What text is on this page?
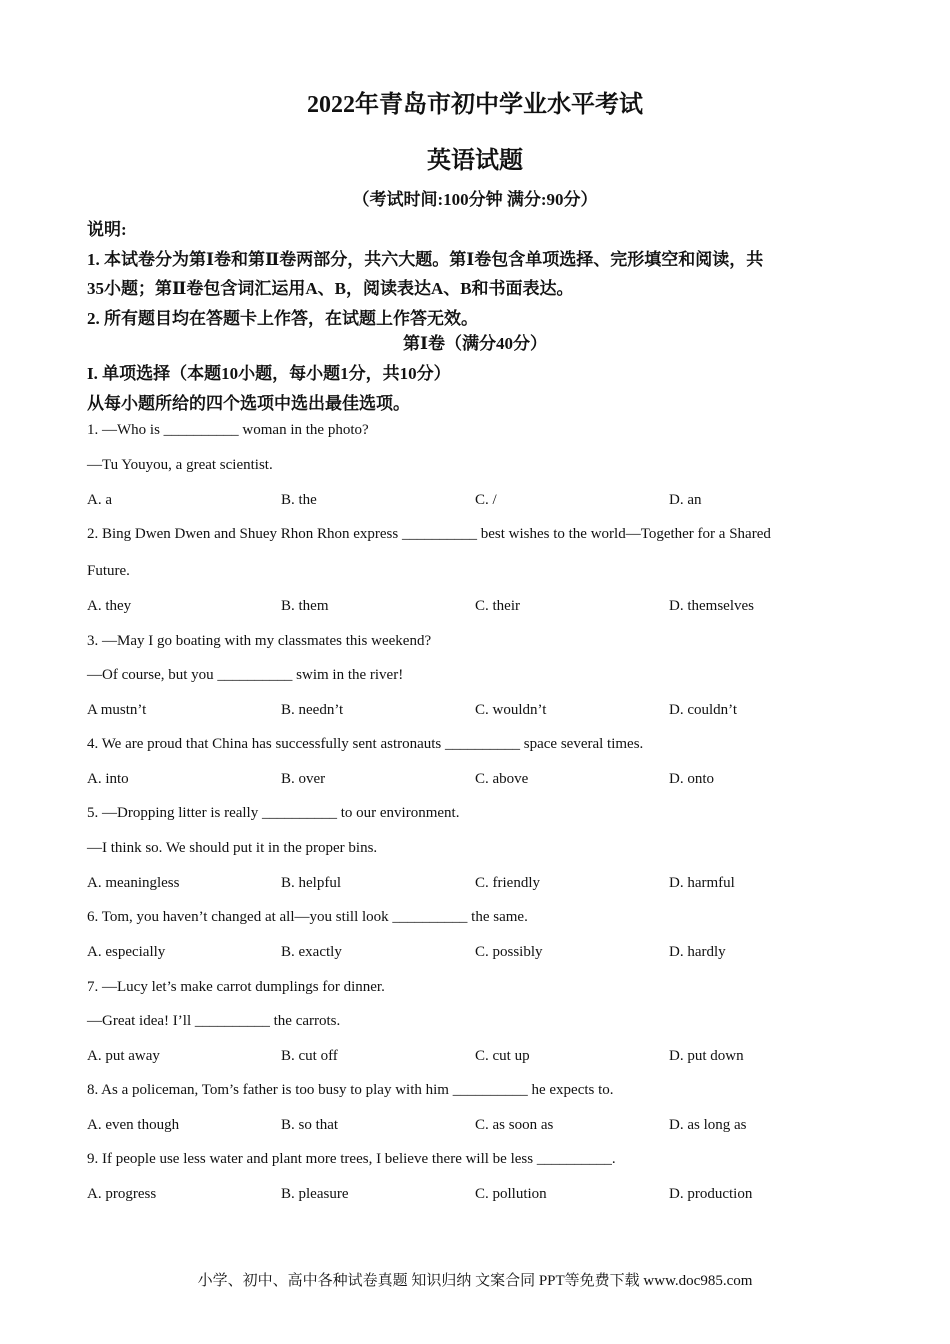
2022年青岛市初中学业水平考试
英语试题
（考试时间:100分钟 满分:90分）
说明:
1. 本试卷分为第Ⅰ卷和第Ⅱ卷两部分，共六大题。第Ⅰ卷包含单项选择、完形填空和阅读，共
35小题；第Ⅱ卷包含词汇运用A、B，阅读表达A、B和书面表达。
2. 所有题目均在答题卡上作答，在试题上作答无效。
第Ⅰ卷（满分40分）
I. 单项选择（本题10小题，每小题1分，共10分）
从每小题所给的四个选项中选出最佳选项。
1. —Who is __________ woman in the photo?
—Tu Youyou, a great scientist.
A. a	B. the	C. /	D. an
2. Bing Dwen Dwen and Shuey Rhon Rhon express __________ best wishes to the world—Together for a Shared
Future.
A. they	B. them	C. their	D. themselves
3. —May I go boating with my classmates this weekend?
—Of course, but you __________ swim in the river!
A mustn’t	B. needn’t	C. wouldn’t	D. couldn’t
4. We are proud that China has successfully sent astronauts __________ space several times.
A. into	B. over	C. above	D. onto
5. —Dropping litter is really __________ to our environment.
—I think so. We should put it in the proper bins.
A. meaningless	B. helpful	C. friendly	D. harmful
6. Tom, you haven’t changed at all—you still look __________ the same.
A. especially	B. exactly	C. possibly	D. hardly
7. —Lucy let’s make carrot dumplings for dinner.
—Great idea! I’ll __________ the carrots.
A. put away	B. cut off	C. cut up	D. put down
8. As a policeman, Tom’s father is too busy to play with him __________ he expects to.
A. even though	B. so that	C. as soon as	D. as long as
9. If people use less water and plant more trees, I believe there will be less __________.
A. progress	B. pleasure	C. pollution	D. production
小学、初中、高中各种试卷真题 知识归纳 文案合同 PPT等免费下载 www.doc985.com
